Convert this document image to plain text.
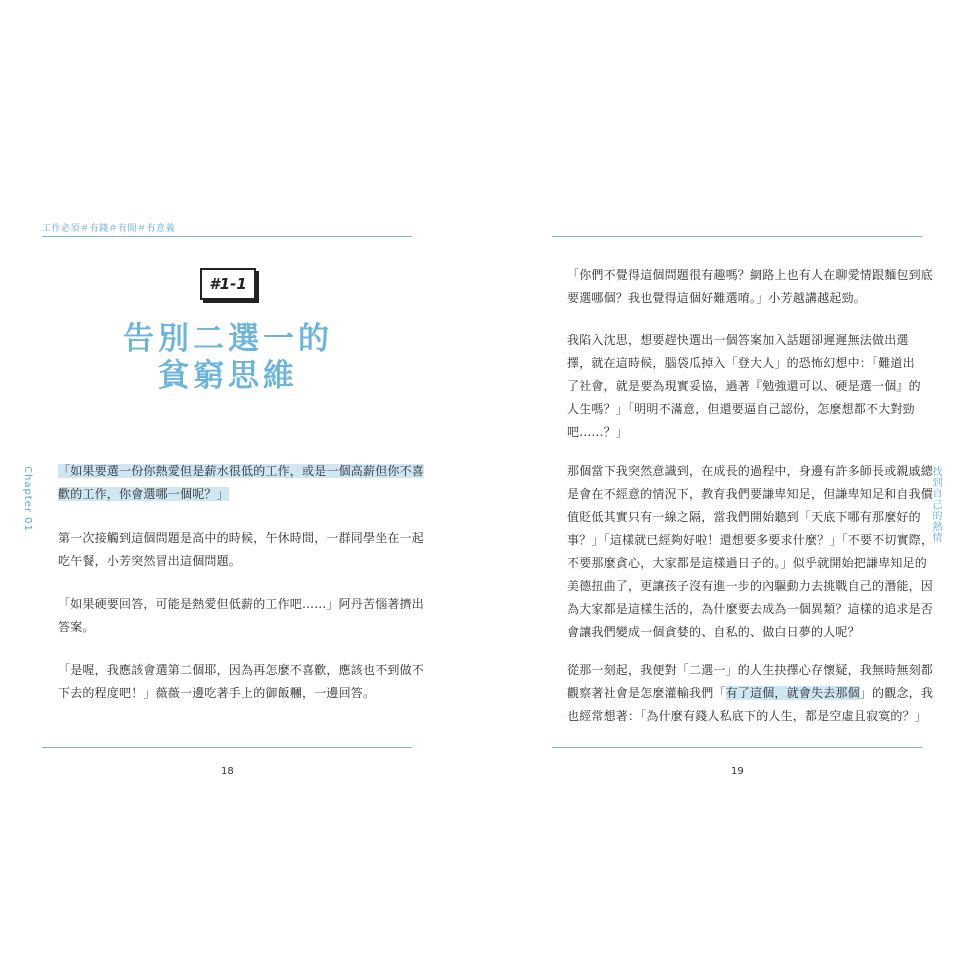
工作必須＃有錢＃有閒＃有意義
#1-1
告別二選一的
貧窮思維
Chapter 01 「如果要選一份你熱愛但是薪水很低的工作，或是一個高薪但你不喜
歡的工作，你會選哪一個呢？」
第一次接觸到這個問題是高中的時候，午休時間，一群同學坐在一起
吃午餐，小芳突然冒出這個問題。
「如果硬要回答，可能是熱愛但低薪的工作吧……」阿丹苦惱著擠出
答案。
「是喔，我應該會選第二個耶，因為再怎麼不喜歡，應該也不到做不
下去的程度吧！」薇薇一邊吃著手上的御飯糰，一邊回答。
18
找到自己的熱情
「你們不覺得這個問題很有趣嗎？網路上也有人在聊愛情跟麵包到底
要選哪個？我也覺得這個好難選唷。」小芳越講越起勁。
我陷入沈思，想要趕快選出一個答案加入話題卻遲遲無法做出選
擇，就在這時候，腦袋瓜掉入「登大人」的恐怖幻想中：「難道出
了社會，就是要為現實妥協，過著『勉強還可以、硬是選一個』的
人生嗎？」「明明不滿意，但還要逼自己認份，怎麼想都不大對勁
吧……？」
那個當下我突然意識到，在成長的過程中，身邊有許多師長或親戚總
是會在不經意的情況下，教育我們要謙卑知足，但謙卑知足和自我價
值貶低其實只有一線之隔，當我們開始聽到「天底下哪有那麼好的
事？」「這樣就已經夠好啦！還想要多要求什麼？」「不要不切實際，
不要那麼貪心，大家都是這樣過日子的。」似乎就開始把謙卑知足的
美德扭曲了，更讓孩子沒有進一步的內驅動力去挑戰自己的潛能，因
為大家都是這樣生活的，為什麼要去成為一個異類？這樣的追求是否
會讓我們變成一個貪婪的、自私的、做白日夢的人呢？
從那一刻起，我便對「二選一」的人生抉擇心存懷疑，我無時無刻都
觀察著社會是怎麼灌輸我們「有了這個，就會失去那個」的觀念，我
也經常想著：「為什麼有錢人私底下的人生，都是空虛且寂寞的？」
19
